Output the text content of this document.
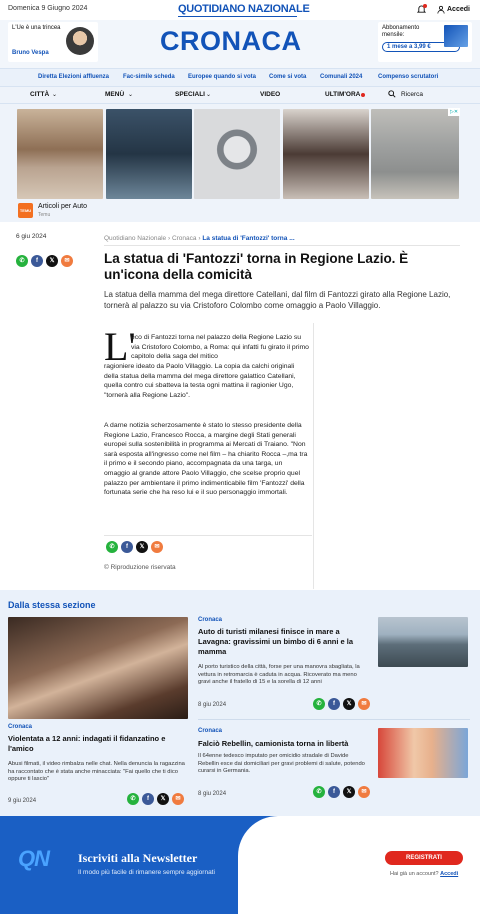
Domenica 9 Giugno 2024	QUOTIDIANO NAZIONALE	Accedi
L'Ue è una trincea
Bruno Vespa	CRONACA	Abbonamento mensile:
1 mese a 3,99 €
Diretta Elezioni affluenza Fac-simile scheda Europee quando si vota Come si vota Comunali 2024	Compenso scrutatori
CITTÀ ⌄	MENÙ ⌄	SPECIALI ⌄	VIDEO	ULTIM'ORA	Ricerca
▷✕
TEMU
Articoli per Auto
Temu
6 giu 2024
✆	f	𝕏	✉
Quotidiano Nazionale › Cronaca › La statua di 'Fantozzi' torna ...
La statua di 'Fantozzi' torna in Regione Lazio. È un'icona della comicità

La statua della mamma del mega direttore Catellani, dal film di Fantozzi girato alla Regione Lazio, tornerà al palazzo su via Cristoforo Colombo come omaggio a Paolo Villaggio.

L'

eco di Fantozzi torna nel palazzo della Regione Lazio su via Cristoforo Colombo, a Roma: qui infatti fu girato il primo capitolo della saga del mitico

ragioniere ideato da Paolo Villaggio. La copia da calchi originali della statua della mamma del mega direttore galattico Catellani, quella contro cui sbatteva la testa ogni mattina il ragionier Ugo, "tornerà alla Regione Lazio".

A darne notizia scherzosamente è stato lo stesso presidente della Regione Lazio, Francesco Rocca, a margine degli Stati generali europei sulla sostenibilità in programma ai Mercati di Traiano. "Non sarà esposta all'ingresso come nel film – ha chiarito Rocca –,ma tra il primo e il secondo piano, accompagnata da una targa, un omaggio al grande attore Paolo Villaggio, che scelse proprio quel palazzo per ambientare il primo indimenticabile film 'Fantozzi' della fortunata serie che ha reso lui e il suo personaggio immortali.

✆	f	𝕏	✉
© Riproduzione riservata
Dalla stessa sezione
Cronaca
Violentata a 12 anni: indagati il fidanzatino e l'amico
Abusi filmati, il video rimbalza nelle chat. Nella denuncia la ragazzina ha raccontato che è stata anche minacciata: "Fai quello che ti dico oppure ti lascio"
9 giu 2024	✆	f	𝕏	✉
Cronaca
Auto di turisti milanesi finisce in mare a Lavagna: gravissimi un bimbo di 6 anni e la mamma
Al porto turistico della città, forse per una manovra sbagliata, la vettura in retromarcia è caduta in acqua. Ricoverato ma meno gravi anche il fratello di 15 e la sorella di 12 anni
8 giu 2024	✆	f	𝕏	✉
Cronaca
Falciò Rebellin, camionista torna in libertà
Il 64enne tedesco imputato per omicidio stradale di Davide Rebellin esce dai domiciliari per gravi problemi di salute, potendo curarsi in Germania.
8 giu 2024	✆	f	𝕏	✉
QN Iscriviti alla Newsletter
Il modo più facile di rimanere sempre aggiornati
REGISTRATI
Hai già un account? Accedi
